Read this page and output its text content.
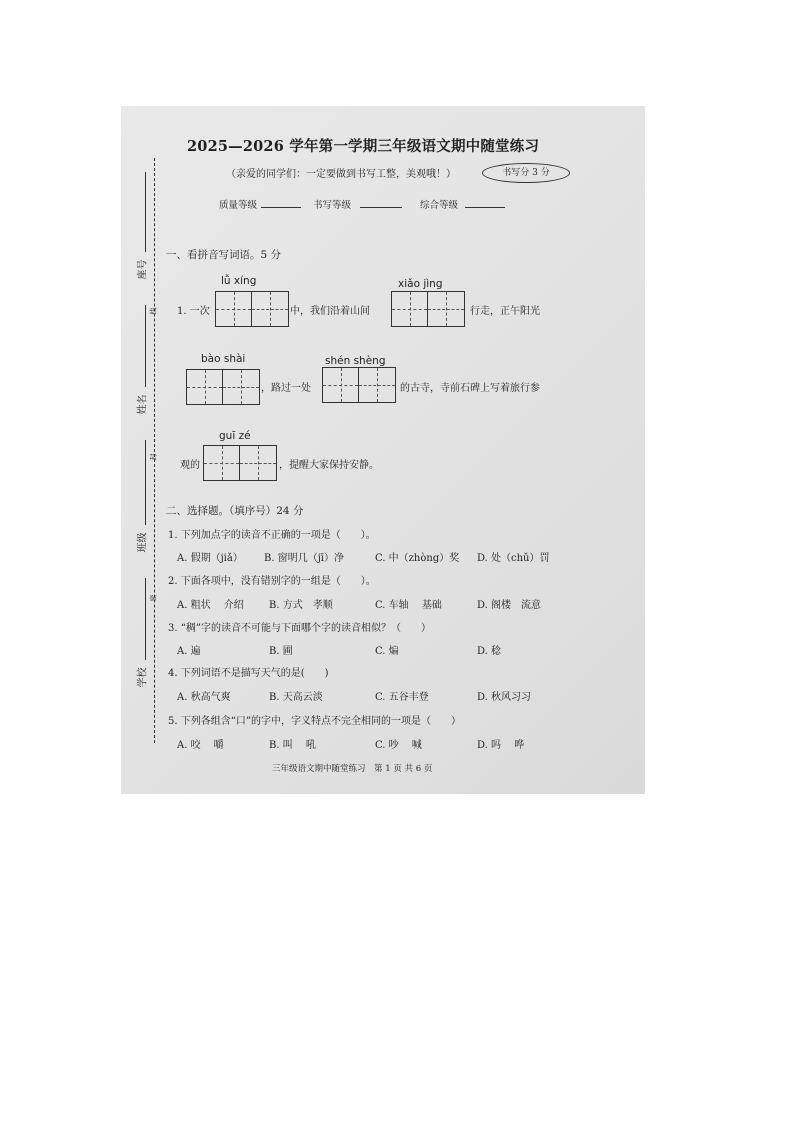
2025—2026 学年第一学期三年级语文期中随堂练习
（亲爱的同学们：一定要做到书写工整，美观哦！）	书写分 3 分
质量等级	书写等级	综合等级
座号
姓名
班级
学校
线
封
密
一、看拼音写词语。5 分
lǚ xíng	xiǎo jìng
1. 一次	中，我们沿着山间	行走，正午阳光
bào shài	shén shèng
，路过一处	的古寺，寺前石碑上写着旅行参
guī zé
观的	，提醒大家保持安静。
二、选择题。（填序号）24 分
1. 下列加点字的读音不正确的一项是（　　）。
A. 假期（jiǎ） B. 窗明几（jī）净	C. 中（zhòng）奖 D. 处（chǔ）罚
2. 下面各项中，没有错别字的一组是（　　）。
A. 粗状　 介绍	B. 方式　孝顺	C. 车轴　 基础	D. 阁楼　流意
3. “稠”字的读音不可能与下面哪个字的读音相似？（　　）
A. 遍	B. 圃	C. 煸	D. 稔
4. 下列词语不是描写天气的是(　　)
A. 秋高气爽	B. 天高云淡	C. 五谷丰登	D. 秋风习习
5. 下列各组含“口”的字中，字义特点不完全相同的一项是（　　）
A. 咬　 嚼	B. 叫　 吼	C. 吵　 喊	D. 吗　 哗
三年级语文期中随堂练习　第 1 页 共 6 页
